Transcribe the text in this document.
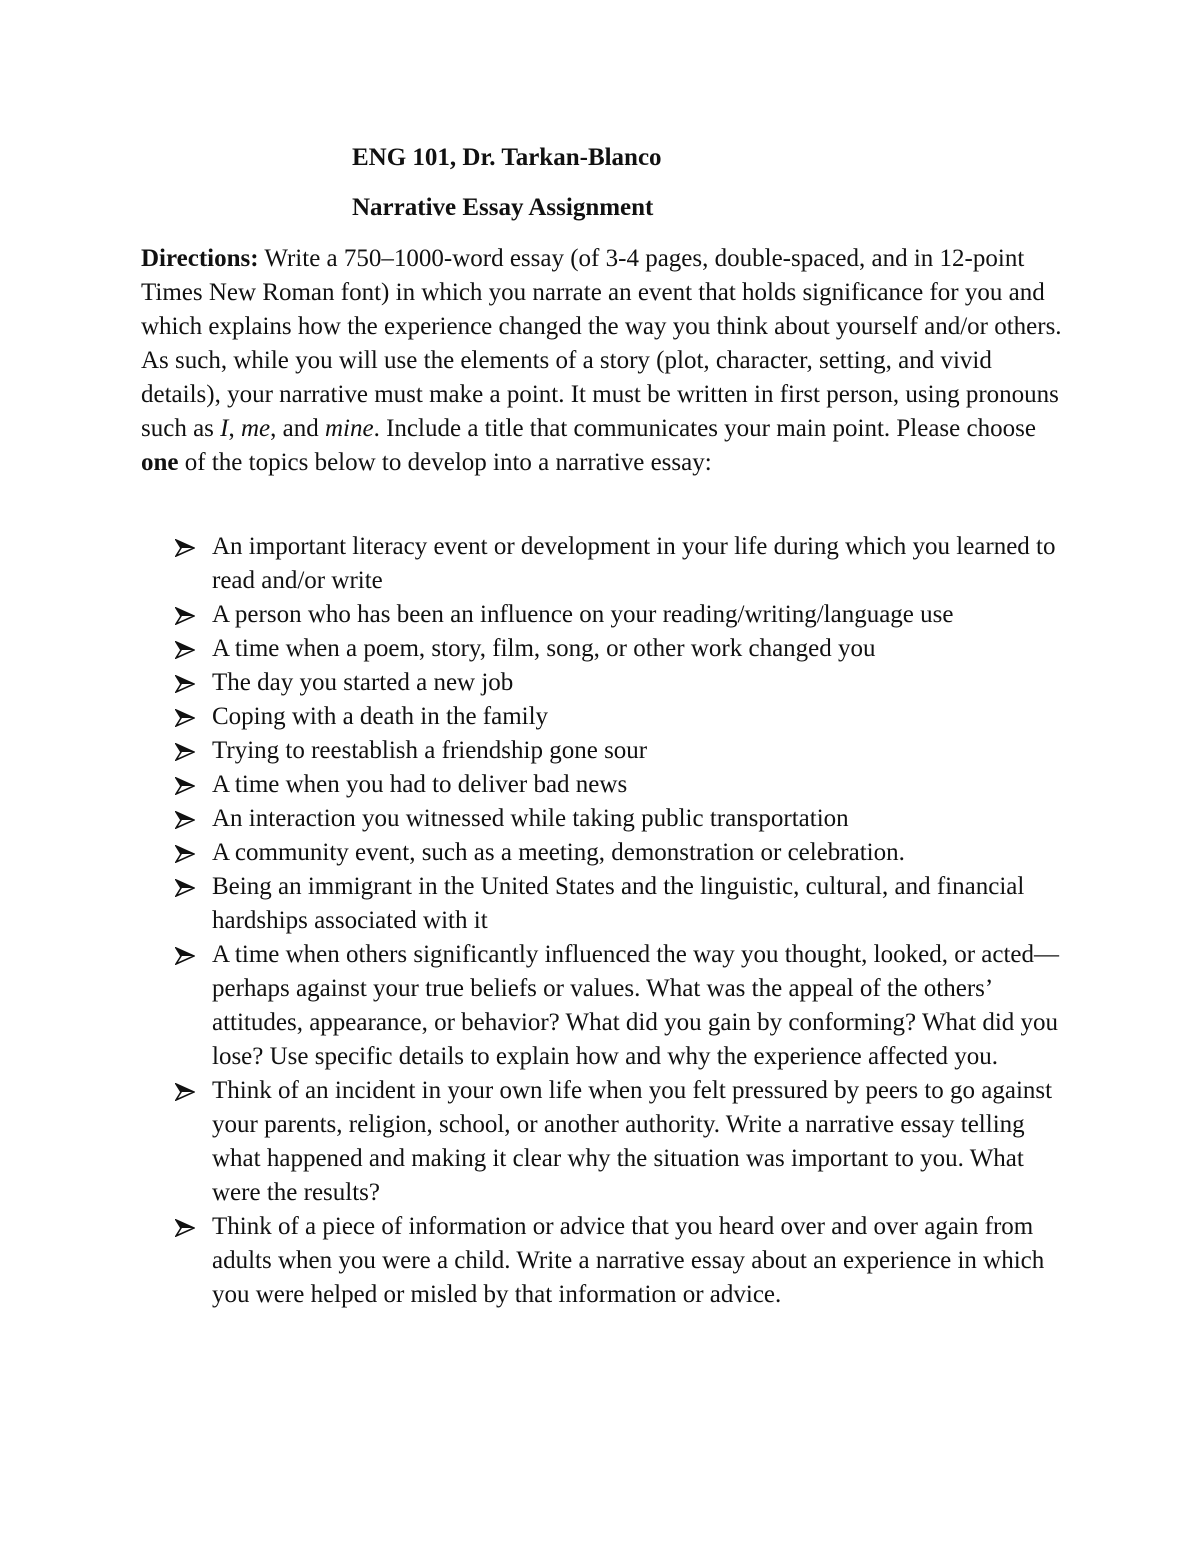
ENG 101, Dr. Tarkan-Blanco
Narrative Essay Assignment

Directions: Write a 750–1000-word essay (of 3-4 pages, double-spaced, and in 12-point Times New Roman font) in which you narrate an event that holds significance for you and which explains how the experience changed the way you think about yourself and/or others. As such, while you will use the elements of a story (plot, character, setting, and vivid details), your narrative must make a point. It must be written in first person, using pronouns such as I, me, and mine. Include a title that communicates your main point. Please choose one of the topics below to develop into a narrative essay:

An important literacy event or development in your life during which you learned to read and/or write
A person who has been an influence on your reading/writing/language use
A time when a poem, story, film, song, or other work changed you
The day you started a new job
Coping with a death in the family
Trying to reestablish a friendship gone sour
A time when you had to deliver bad news
An interaction you witnessed while taking public transportation
A community event, such as a meeting, demonstration or celebration.
Being an immigrant in the United States and the linguistic, cultural, and financial hardships associated with it
A time when others significantly influenced the way you thought, looked, or acted—perhaps against your true beliefs or values. What was the appeal of the others’ attitudes, appearance, or behavior? What did you gain by conforming? What did you lose? Use specific details to explain how and why the experience affected you.
Think of an incident in your own life when you felt pressured by peers to go against your parents, religion, school, or another authority. Write a narrative essay telling what happened and making it clear why the situation was important to you. What were the results?
Think of a piece of information or advice that you heard over and over again from adults when you were a child. Write a narrative essay about an experience in which you were helped or misled by that information or advice.
